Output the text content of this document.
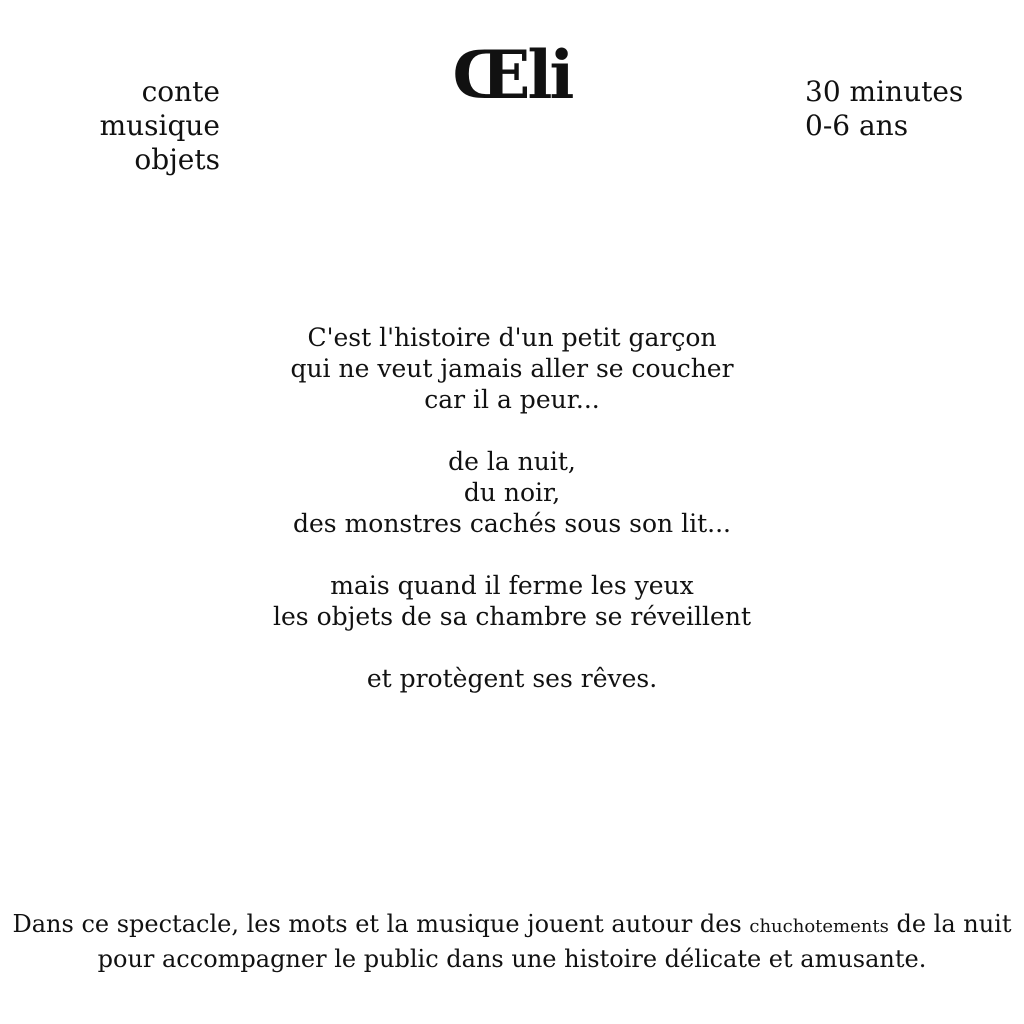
conte
musique
objets
Œli	30 minutes
0-6 ans

C'est l'histoire d'un petit garçon
qui ne veut jamais aller se coucher
car il a peur...

de la nuit,
du noir,
des monstres cachés sous son lit...

mais quand il ferme les yeux
les objets de sa chambre se réveillent

et protègent ses rêves.

Dans ce spectacle, les mots et la musique jouent autour des chuchotements de la nuit
pour accompagner le public dans une histoire délicate et amusante.
